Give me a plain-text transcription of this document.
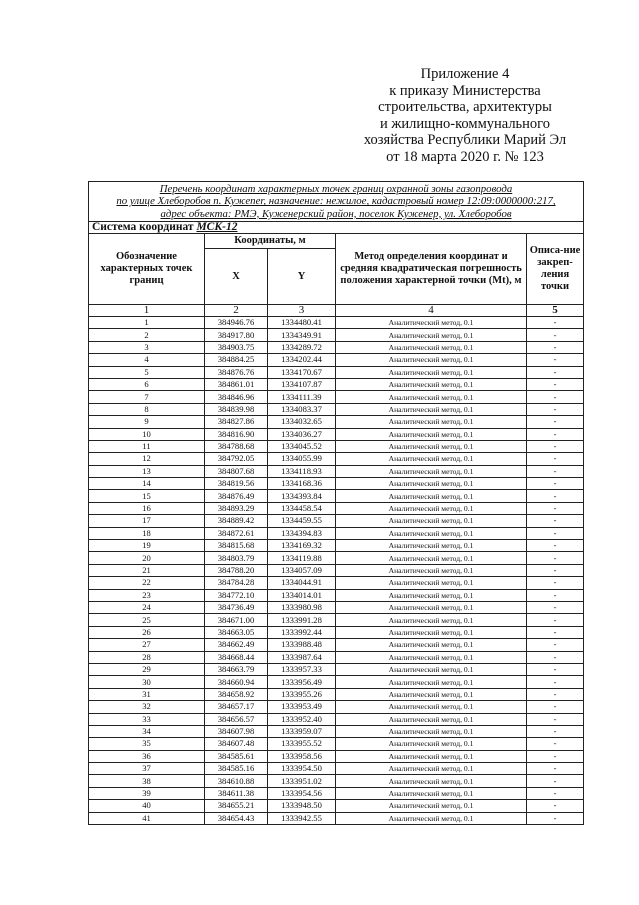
Приложение 4
к приказу Министерства
строительства, архитектуры
и жилищно-коммунального
хозяйства Республики Марий Эл
от 18 марта 2020 г. № 123
Перечень координат характерных точек границ охранной зоны газопровода
по улице Хлеборобов п. Кужener, назначение: нежилое, кадастровый номер 12:09:0000000:217,
адрес объекта: РМЭ, Куженерский район, поселок Куженер, ул. Хлеборобов				

Система координат МСК-12				
Обозначение характерных точек границ	Координаты, м		Метод определения координат и средняя квадратическая погрешность положения характерной точки (Mt), м	Описа-ние закреп-ления точки
	X	Y		
1	2	3	4	5
1	384946.76	1334480.41	Аналитический метод, 0.1	-
2	384917.80	1334349.91	Аналитический метод, 0.1	-
3	384903.75	1334289.72	Аналитический метод, 0.1	-
4	384884.25	1334202.44	Аналитический метод, 0.1	-
5	384876.76	1334170.67	Аналитический метод, 0.1	-
6	384861.01	1334107.87	Аналитический метод, 0.1	-
7	384846.96	1334111.39	Аналитический метод, 0.1	-
8	384839.98	1334083.37	Аналитический метод, 0.1	-
9	384827.86	1334032.65	Аналитический метод, 0.1	-
10	384816.90	1334036.27	Аналитический метод, 0.1	-
11	384788.68	1334045.52	Аналитический метод, 0.1	-
12	384792.05	1334055.99	Аналитический метод, 0.1	-
13	384807.68	1334118.93	Аналитический метод, 0.1	-
14	384819.56	1334168.36	Аналитический метод, 0.1	-
15	384876.49	1334393.84	Аналитический метод, 0.1	-
16	384893.29	1334458.54	Аналитический метод, 0.1	-
17	384889.42	1334459.55	Аналитический метод, 0.1	-
18	384872.61	1334394.83	Аналитический метод, 0.1	-
19	384815.68	1334169.32	Аналитический метод, 0.1	-
20	384803.79	1334119.88	Аналитический метод, 0.1	-
21	384788.20	1334057.09	Аналитический метод, 0.1	-
22	384784.28	1334044.91	Аналитический метод, 0.1	-
23	384772.10	1334014.01	Аналитический метод, 0.1	-
24	384736.49	1333980.98	Аналитический метод, 0.1	-
25	384671.00	1333991.28	Аналитический метод, 0.1	-
26	384663.05	1333992.44	Аналитический метод, 0.1	-
27	384662.49	1333988.48	Аналитический метод, 0.1	-
28	384668.44	1333987.64	Аналитический метод, 0.1	-
29	384663.79	1333957.33	Аналитический метод, 0.1	-
30	384660.94	1333956.49	Аналитический метод, 0.1	-
31	384658.92	1333955.26	Аналитический метод, 0.1	-
32	384657.17	1333953.49	Аналитический метод, 0.1	-
33	384656.57	1333952.40	Аналитический метод, 0.1	-
34	384607.98	1333959.07	Аналитический метод, 0.1	-
35	384607.48	1333955.52	Аналитический метод, 0.1	-
36	384585.61	1333958.56	Аналитический метод, 0.1	-
37	384585.16	1333954.50	Аналитический метод, 0.1	-
38	384610.88	1333951.02	Аналитический метод, 0.1	-
39	384611.38	1333954.56	Аналитический метод, 0.1	-
40	384655.21	1333948.50	Аналитический метод, 0.1	-
41	384654.43	1333942.55	Аналитический метод, 0.1	-
